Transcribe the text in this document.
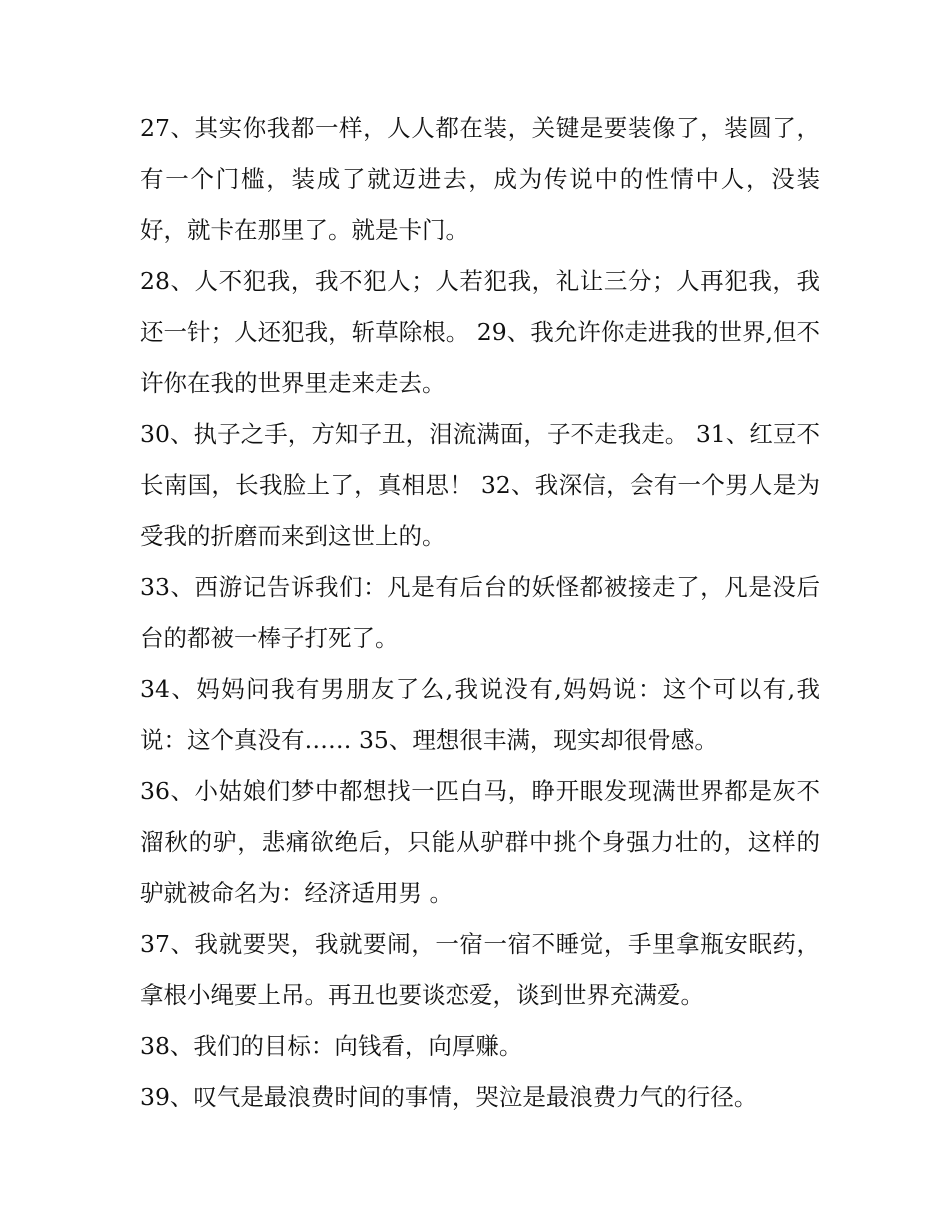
27、其实你我都一样，人人都在装，关键是要装像了，装圆了，有一个门槛，装成了就迈进去，成为传说中的性情中人，没装好，就卡在那里了。就是卡门。

28、人不犯我，我不犯人；人若犯我，礼让三分；人再犯我，我还一针；人还犯我，斩草除根。 29、我允许你走进我的世界,但不许你在我的世界里走来走去。

30、执子之手，方知子丑，泪流满面，子不走我走。 31、红豆不长南国，长我脸上了，真相思！ 32、我深信，会有一个男人是为受我的折磨而来到这世上的。

33、西游记告诉我们：凡是有后台的妖怪都被接走了，凡是没后台的都被一棒子打死了。

34、妈妈问我有男朋友了么,我说没有,妈妈说：这个可以有,我说：这个真没有…… 35、理想很丰满，现实却很骨感。

36、小姑娘们梦中都想找一匹白马，睁开眼发现满世界都是灰不溜秋的驴，悲痛欲绝后，只能从驴群中挑个身强力壮的，这样的驴就被命名为：经济适用男 。

37、我就要哭，我就要闹，一宿一宿不睡觉，手里拿瓶安眠药，拿根小绳要上吊。再丑也要谈恋爱，谈到世界充满爱。

38、我们的目标：向钱看，向厚赚。

39、叹气是最浪费时间的事情，哭泣是最浪费力气的行径。
